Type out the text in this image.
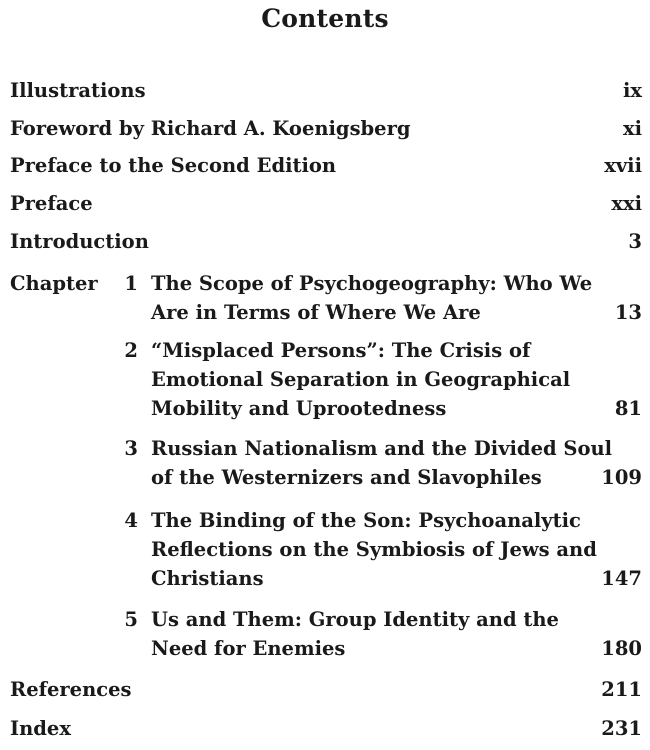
Contents
Illustrations	ix
Foreword by Richard A. Koenigsberg	xi
Preface to the Second Edition	xvii
Preface	xxi
Introduction	3
Chapter 1 The Scope of Psychogeography: Who We
Are in Terms of Where We Are	13
2 “Misplaced Persons”: The Crisis of
Emotional Separation in Geographical
Mobility and Uprootedness	81
3 Russian Nationalism and the Divided Soul
of the Westernizers and Slavophiles	109
4 The Binding of the Son: Psychoanalytic
Reflections on the Symbiosis of Jews and
Christians	147
5 Us and Them: Group Identity and the
Need for Enemies	180
References	211
Index	231
